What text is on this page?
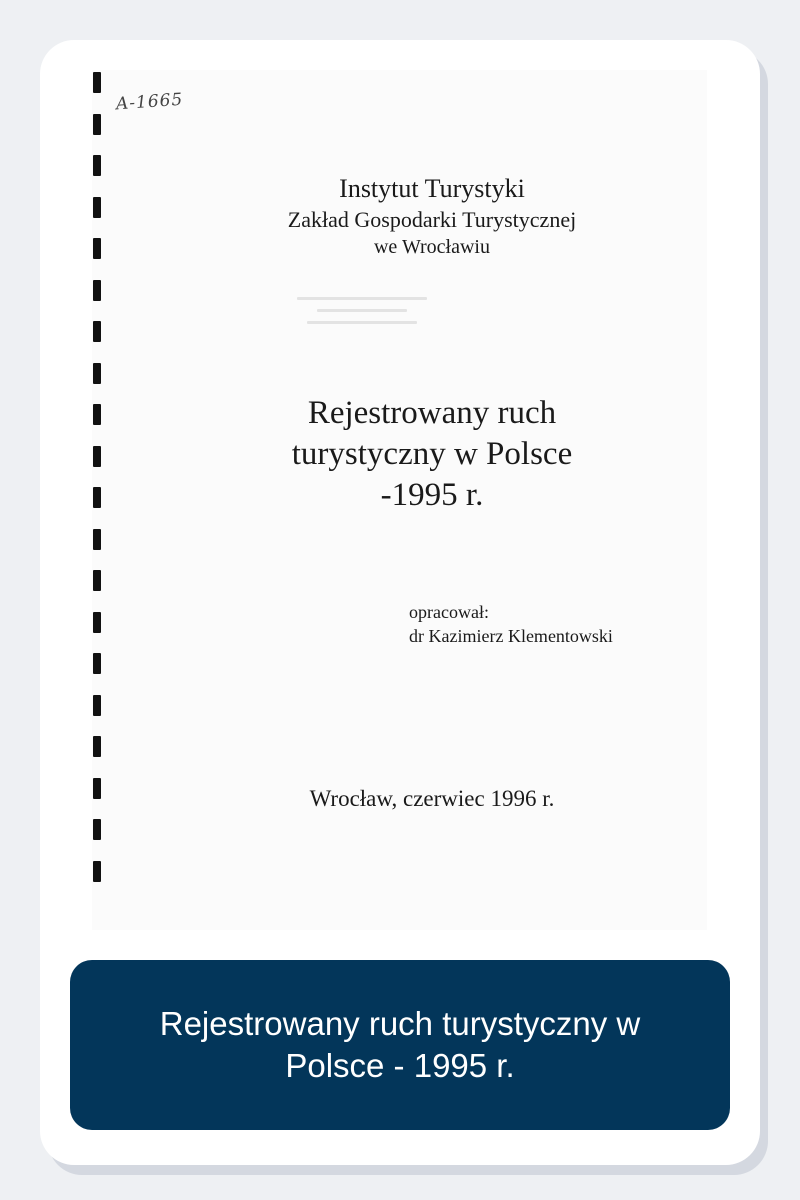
A-1665
Instytut Turystyki
Zakład Gospodarki Turystycznej
we Wrocławiu
Rejestrowany ruch
turystyczny w Polsce
-1995 r.
opracował:
dr Kazimierz Klementowski
Wrocław, czerwiec 1996 r.
Rejestrowany ruch turystyczny w Polsce - 1995 r.
